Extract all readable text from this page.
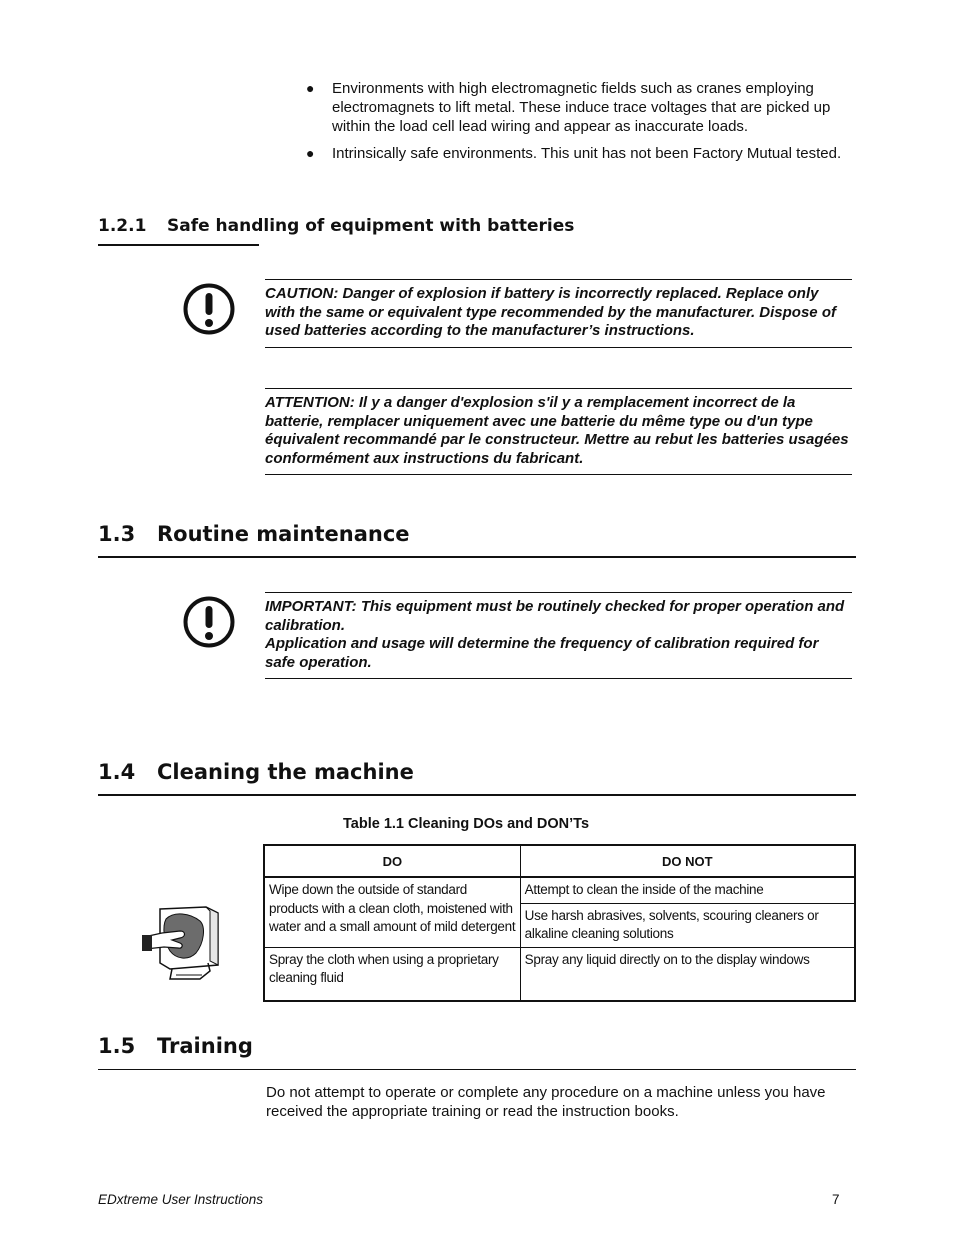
●	Environments with high electromagnetic fields such as cranes employing electromagnets to lift metal. These induce trace voltages that are picked up within the load cell lead wiring and appear as inaccurate loads.
●	Intrinsically safe environments. This unit has not been Factory Mutual tested.
1.2.1 Safe handling of equipment with batteries
CAUTION: Danger of explosion if battery is incorrectly replaced. Replace only with the same or equivalent type recommended by the manufacturer. Dispose of used batteries according to the manufacturer’s instructions.
ATTENTION: Il y a danger d'explosion s'il y a remplacement incorrect de la batterie, remplacer uniquement avec une batterie du même type ou d'un type équivalent recommandé par le constructeur. Mettre au rebut les batteries usagées conformément aux instructions du fabricant.
1.3 Routine maintenance
IMPORTANT: This equipment must be routinely checked for proper operation and calibration.
Application and usage will determine the frequency of calibration required for safe operation.
1.4 Cleaning the machine
Table 1.1 Cleaning DOs and DON’Ts
DO	DO NOT
Wipe down the outside of standard products with a clean cloth, moistened with water and a small amount of mild detergent	Attempt to clean the inside of the machine
	Use harsh abrasives, solvents, scouring cleaners or alkaline cleaning solutions
Spray the cloth when using a proprietary cleaning fluid	Spray any liquid directly on to the display windows
1.5 Training
Do not attempt to operate or complete any procedure on a machine unless you have received the appropriate training or read the instruction books.
EDxtreme User Instructions	7
